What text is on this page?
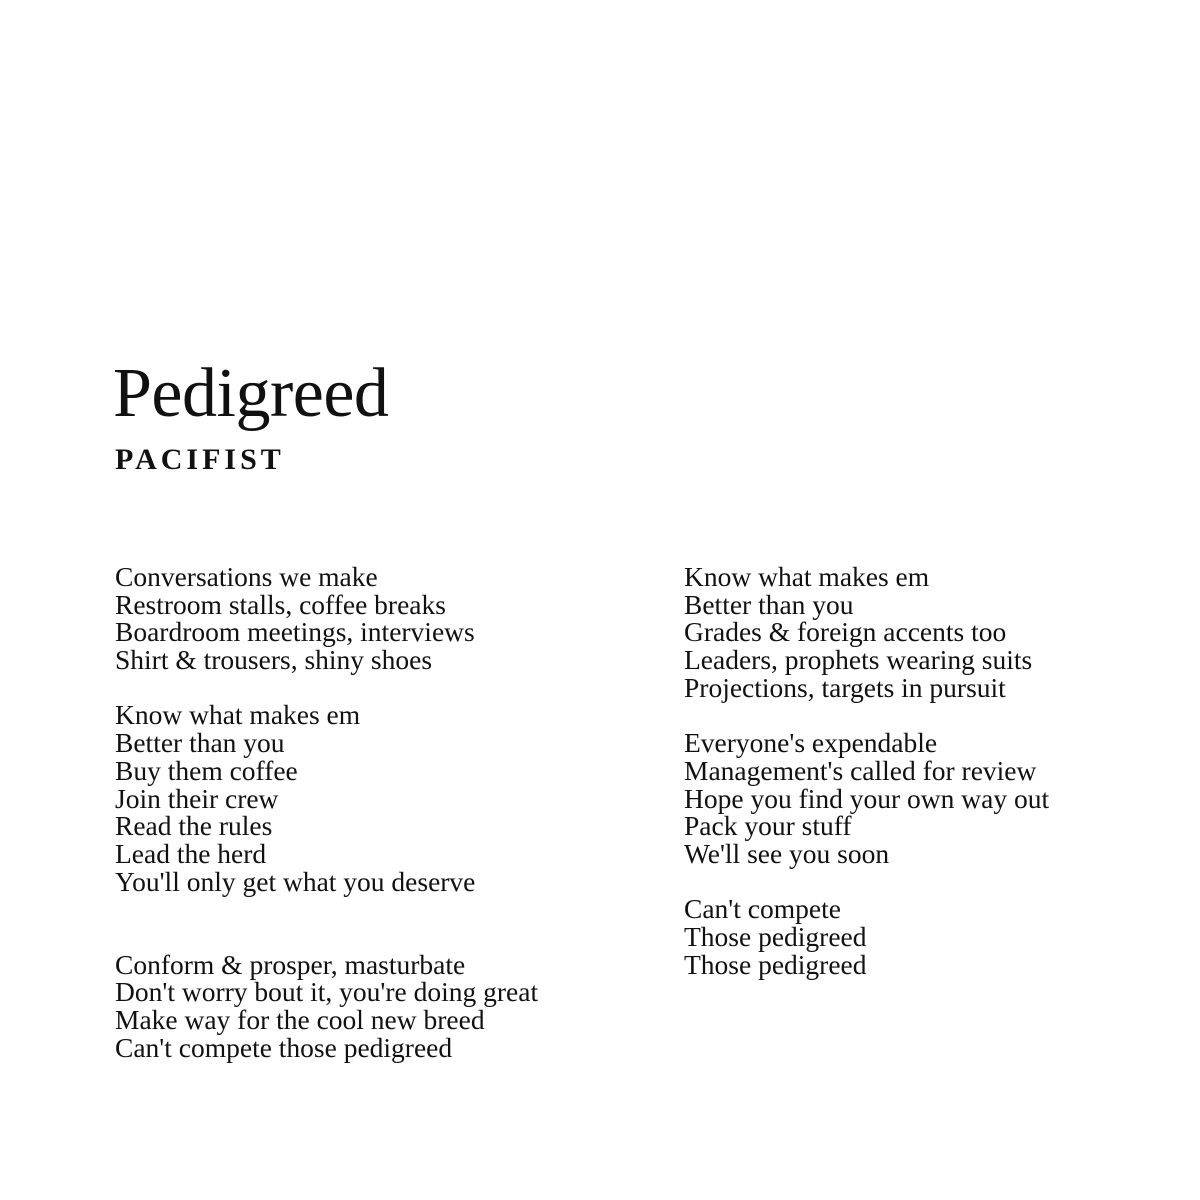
Pedigreed
PACIFIST
Conversations we make
Restroom stalls, coffee breaks
Boardroom meetings, interviews
Shirt & trousers, shiny shoes
Know what makes em
Better than you
Buy them coffee
Join their crew
Read the rules
Lead the herd
You'll only get what you deserve
Conform & prosper, masturbate
Don't worry bout it, you're doing great
Make way for the cool new breed
Can't compete those pedigreed
Know what makes em
Better than you
Grades & foreign accents too
Leaders, prophets wearing suits
Projections, targets in pursuit
Everyone's expendable
Management's called for review
Hope you find your own way out
Pack your stuff
We'll see you soon
Can't compete
Those pedigreed
Those pedigreed
